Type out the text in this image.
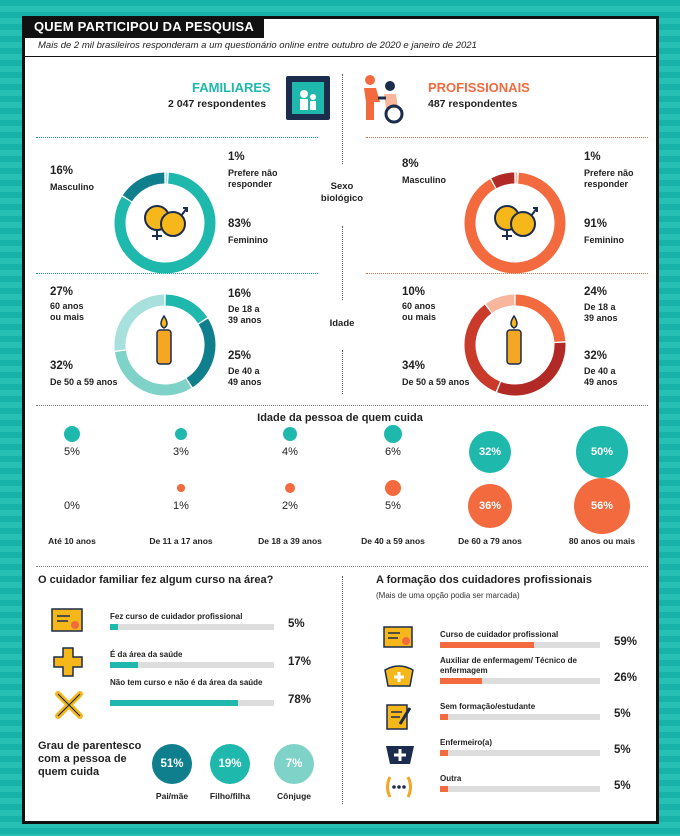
QUEM PARTICIPOU DA PESQUISA
Mais de 2 mil brasileiros responderam a um questionário online entre outubro de 2020 e janeiro de 2021
FAMILIARES
2 047 respondentes
PROFISSIONAIS
487 respondentes
Sexo biológico
Idade
16%
Masculino
1%
Prefere não responder
83%
Feminino
8%
Masculino
1%
Prefere não responder
91%
Feminino
27%
60 anos ou mais
16%
De 18 a 39 anos
32%
De 50 a 59 anos
25%
De 40 a 49 anos
10%
60 anos ou mais
24%
De 18 a 39 anos
34%
De 50 a 59 anos
32%
De 40 a 49 anos
Idade da pessoa de quem cuida
5%
0%
Até 10 anos
3%
1%
De 11 a 17 anos
4%
2%
De 18 a 39 anos
6%
5%
De 40 a 59 anos
32%
36%
De 60 a 79 anos
50%
56%
80 anos ou mais
O cuidador familiar fez algum curso na área?
Fez curso de cuidador profissional
5%
É da área da saúde
17%
Não tem curso e não é da área da saúde
78%
A formação dos cuidadores profissionais
(Mais de uma opção podia ser marcada)
Curso de cuidador profissional
59%
Auxiliar de enfermagem/ Técnico de enfermagem
26%
Sem formação/estudante
5%
Enfermeiro(a)
5%
Outra
5%
Grau de parentesco com a pessoa de quem cuida
51%
Pai/mãe
19%
Filho/filha
7%
Cônjuge
